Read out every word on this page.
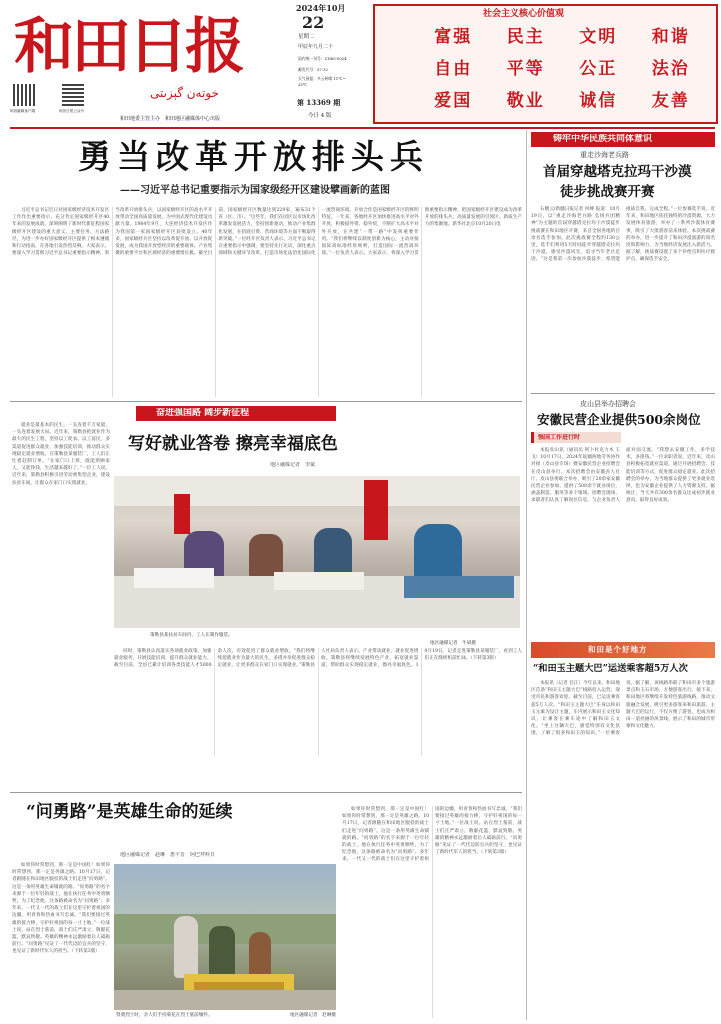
和田日报
خوتەن گېزىتى
和田融媒客户端	和田日报公众号
2024年10月
22
星期二
甲辰年九月二十
国内统一刊号：CN65-0024
邮发代号：57-32
天气预报：多云转晴 11℃～25℃
第 13369 期
今日 4 版
社会主义核心价值观
富强	民主	文明	和谐
自由	平等	公正	法治
爱国	敬业	诚信	友善
和田地委主管主办　和田地区融媒体中心出版
勇当改革开放排头兵
——习近平总书记重要指示为国家级经开区建设擘画新的蓝图

习近平总书记近日对国家级经济技术开发区工作作出重要指示，充分肯定国家级经开区40年来的发展成就，深刻阐明了新时代新征程国家级经开区建设的重大意义、主要任务、方法路径，为进一步办好国家级经开区提供了根本遵循和行动指南，在各地引发热烈反响。大家表示，要深入学习贯彻习近平总书记重要指示精神，勇当改革开放排头兵，以国家级经开区的高水平开放带动全国高质量发展，为中国式现代化建设贡献力量。1984年9月，大连经济技术开发区作为我国第一家国家级经开区获批设立。40年来，国家级经开区坚持以改革促开放、以开放促发展，成为我国开放型经济的重要载体、产业集聚的重要平台和区域经济的重要增长极。截至目前，国家级经开区数量达到229家，遍布31个省（区、市）。“这些年，我们在园区以市场化改革激发发展活力，坚持创新驱动，推动产业集群化发展，在招商引资、营商环境等方面不断取得新突破。”一位经开区负责人表示。习近平总书记在重要指示中强调，要坚持先行先试，深化重点领域和关键环节改革，打造市场化法治化国际化一流营商环境。开放合作是国家级经开区的鲜明特征。一年来，各地经开区加快推进高水平对外开放，积极稳外资、稳外贸，不断扩大高水平对外开放，在共建“一带一路”中发挥重要作用。“我们将继续以制度创新为核心，主动对接国际高标准经贸规则，打造国际一流营商环境。”一位负责人表示。大家表示，将深入学习贯彻重要指示精神，把国家级经开区建设成为改革开放的排头兵、高质量发展的引领区、新质生产力的集聚地。新华社北京10月20日电

铸牢中华民族共同体意识
重走沙海老兵路
首届穿越塔克拉玛干沙漠
徒步挑战赛开赛

石榴云/新疆日报记者 何峰 报道：10月19日，以“重走沙海老兵路 弘扬兵团精神”为主题的首届穿越塔克拉玛干沙漠徒步挑战赛在和田地区开赛，来自全国各地的百余名选手参加。此次挑战赛全程约130公里，选手们将用5天时间徒步穿越塔克拉玛干沙漠，感受沙漠风光，追寻当年老兵足迹。“这是我第一次参加沙漠徒步，希望能挑战自我，完成全程。”一位参赛选手说。近年来，和田地区依托独特的沙漠资源，大力发展体育旅游，举办了一系列沙漠体育赛事，吸引了大批游客前来体验。本次挑战赛的举办，进一步提升了和田沙漠旅游的知名度和影响力，为当地经济发展注入新活力。据了解，挑战赛设置了多个补给点和医疗救护点，确保选手安全。

皮山县举办招聘会
安徽民营企业提供500余岗位
强国工作进行时

本报皮山讯（通讯员 阿卜杜克力木 王飞）10月17日，2024年皖疆两地劳务协作对接（皮山县专场）暨安徽民营企业招聘会在皮山县举行。本次招聘会由安徽省人社厅、皮山县委联合举办，吸引了20余家安徽民营企业参加，提供了500余个就业岗位，涵盖制造、服务等多个领域。招聘会现场，求职者们认真了解岗位信息，与企业负责人面对面交流。“我想去安徽工作，多学技术，多挣钱。”一位求职者说。近年来，皮山县积极拓宽就业渠道，通过开展招聘会、技能培训等方式，促进群众稳定就业。此次招聘会的举办，为当地群众提供了更多就业选择，也为安徽企业提供了人力资源支持。据统计，当天共有300余名群众达成初步就业意向，取得良好成效。

和田是个好地方
“和田玉主题大巴”运送乘客超5万人次

本报讯（记者 任江）今年以来，和田地区首条“和田玉主题大巴”线路投入运营，深受市民和游客欢迎。截至目前，已运送乘客超5万人次。“和田玉主题大巴”车身以和田玉元素为设计主题，车内展示和田玉文化知识，让乘客在乘车途中了解和田玉文化。“坐上这辆大巴，感觉特别有文化氛围，了解了很多和田玉的知识。”一位乘客说。据了解，该线路串联了和田市多个旅游景点和玉石市场，方便游客出行。接下来，和田地区将继续开发特色旅游线路，推动文旅融合发展，吸引更多游客来和田旅游。主题大巴的运行，不仅方便了游客，也成为和田一道亮丽的风景线，展示了和田的城市形象和文化魅力。

奋进强国路 阔步新征程
写好就业答卷 擦亮幸福底色
地区融媒记者　李斌

就业是最基本的民生。一头连着千万家庭，一头连着发展大局。近年来，策勒县把就业作为最大的民生工程，坚持以工促农、以工富民，多渠道促进群众就业，加强技能培训，推动群众实现稳定就业增收。在策勒县某服装厂，工人们正忙着赶制订单。“在家门口上班，既能照顾家人，又能挣钱，生活越来越好了。”一位工人说。近年来，策勒县积极引进劳动密集型企业，建设扶贫车间，让群众在家门口实现就业。

策勒县某扶贫车间内，工人在制作服装。
地区融媒记者　牛斌摄

同时，策勒县认真落实各项就业政策，加强就业服务，开展技能培训，提升群众就业能力。截至目前，全县已累计培训各类技能人才5000余人次，有效促进了群众就业增收。“我们将继续把就业作为最大的民生，多措并举促进群众稳定就业，让更多群众在家门口实现就业。”策勒县人社局负责人表示。产业带动就业，就业促进增收。策勒县将继续发展特色产业，拓宽就业渠道，帮助群众实现稳定就业，擦亮幸福底色。10月19日，记者走进策勒县某服装厂，看到工人们正在缝纫机前忙碌。（下转第3版）

“问勇路”是英雄生命的延续
地区融媒记者　赵琳　惠丰晋　阿巴拜科日

如果你时常想到，那一定是中国红！如果你时常想到，那一定是英雄之路。10月17日，记者跟随在和田地区服役的战士们走进“问勇路”。这是一条用英雄生命铺就的路。“问勇路”的名字来源于一位年轻的战士，他在执行任务中英勇牺牲，为了纪念他，这条路被命名为“问勇路”。多年来，一代又一代的战士们在这里守护着祖国的边疆，用青春和热血书写忠诚。“我们要接过英雄的接力棒，守护好祖国的每一寸土地。”一位战士说。站在烈士墓前，战士们庄严肃立，敬献花篮，默哀致敬。英雄的精神永远激励着后人砥砺前行。“问勇路”见证了一代代边防官兵的坚守，也见证了新时代军人的担当。（下转第3版）

祭奠烈士时，亲人们手持菊花在烈士墓前缅怀。	地区融媒记者　赵琳摄

如果你时常想到，那一定是中国红！如果你时常想到，那一定是英雄之路。10月17日，记者跟随在和田地区服役的战士们走进“问勇路”。这是一条用英雄生命铺就的路。“问勇路”的名字来源于一位年轻的战士，他在执行任务中英勇牺牲，为了纪念他，这条路被命名为“问勇路”。多年来，一代又一代的战士们在这里守护着祖国的边疆，用青春和热血书写忠诚。“我们要接过英雄的接力棒，守护好祖国的每一寸土地。”一位战士说。站在烈士墓前，战士们庄严肃立，敬献花篮，默哀致敬。英雄的精神永远激励着后人砥砺前行。“问勇路”见证了一代代边防官兵的坚守，也见证了新时代军人的担当。（下转第3版）
